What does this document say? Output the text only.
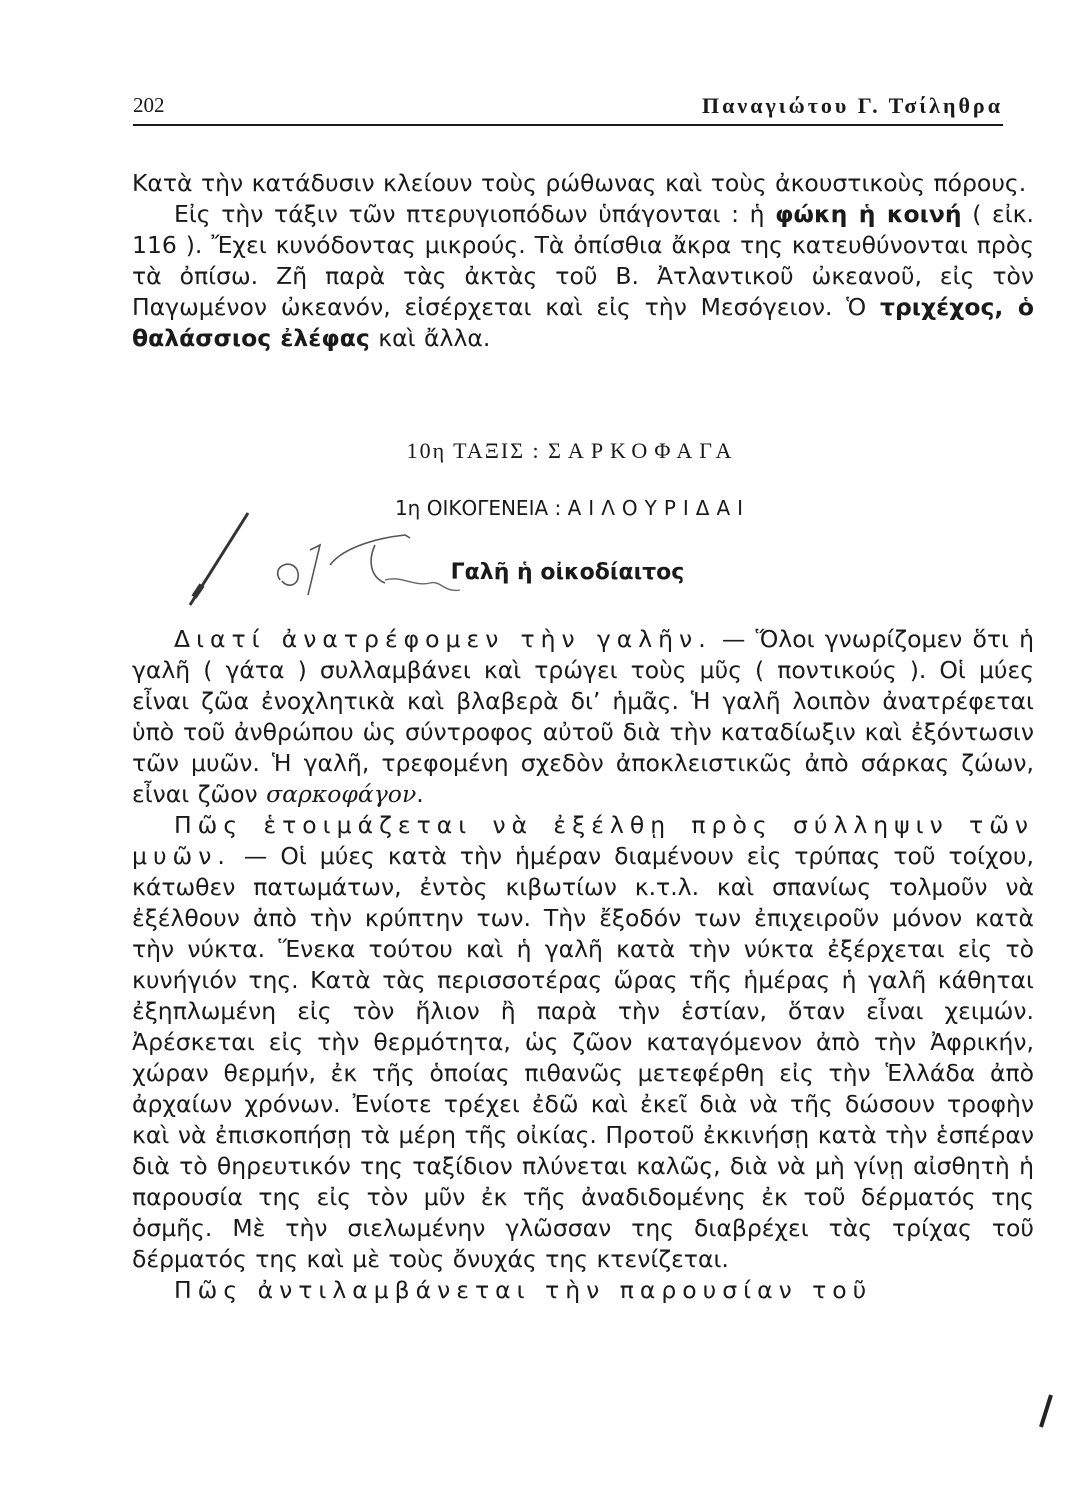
202	Παναγιώτου Γ. Τσίληθρα

Κατὰ τὴν κατάδυσιν κλείουν τοὺς ρώθωνας καὶ τοὺς ἀκουστικοὺς πόρους.

Εἰς τὴν τάξιν τῶν πτερυγιοπόδων ὑπάγονται : ἡ φώκη ἡ κοινή ( εἰκ. 116 ). Ἔχει κυνόδοντας μικρούς. Τὰ ὀπίσθια ἄκρα της κατευθύνονται πρὸς τὰ ὀπίσω. Ζῆ παρὰ τὰς ἀκτὰς τοῦ Β. Ἀτλαντικοῦ ὠκεανοῦ, εἰς τὸν Παγωμένον ὠκεανόν, εἰσέρχεται καὶ εἰς τὴν Μεσόγειον. Ὁ τριχέχος, ὁ θαλάσσιος ἐλέφας καὶ ἄλλα.

10η ΤΑΞΙΣ : ΣΑΡΚΟΦΑΓΑ
1η ΟΙΚΟΓΕΝΕΙΑ : ΑΙΛΟΥΡΙΔΑΙ
Γαλῆ ἡ οἰκοδίαιτος

Διατί ἀνατρέφομεν τὴν γαλῆν. — Ὅλοι γνωρίζομεν ὅτι ἡ γαλῆ ( γάτα ) συλλαμβάνει καὶ τρώγει τοὺς μῦς ( ποντικούς ). Οἱ μύες εἶναι ζῶα ἐνοχλητικὰ καὶ βλαβερὰ δι’ ἡμᾶς. Ἡ γαλῆ λοιπὸν ἀνατρέφεται ὑπὸ τοῦ ἀνθρώπου ὡς σύντροφος αὐτοῦ διὰ τὴν καταδίωξιν καὶ ἐξόντωσιν τῶν μυῶν. Ἡ γαλῆ, τρεφομένη σχεδὸν ἀποκλειστικῶς ἀπὸ σάρκας ζώων, εἶναι ζῶον σαρκοφάγον.

Πῶς ἑτοιμάζεται νὰ ἐξέλθῃ πρὸς σύλληψιν τῶν μυῶν. — Οἱ μύες κατὰ τὴν ἡμέραν διαμένουν εἰς τρύπας τοῦ τοίχου, κάτωθεν πατωμάτων, ἐντὸς κιβωτίων κ.τ.λ. καὶ σπανίως τολμοῦν νὰ ἐξέλθουν ἀπὸ τὴν κρύπτην των. Τὴν ἔξοδόν των ἐπιχειροῦν μόνον κατὰ τὴν νύκτα. Ἕνεκα τούτου καὶ ἡ γαλῆ κατὰ τὴν νύκτα ἐξέρχεται εἰς τὸ κυνήγιόν της. Κατὰ τὰς περισσοτέρας ὥρας τῆς ἡμέρας ἡ γαλῆ κάθηται ἐξηπλωμένη εἰς τὸν ἥλιον ἢ παρὰ τὴν ἑστίαν, ὅταν εἶναι χειμών. Ἀρέσκεται εἰς τὴν θερμότητα, ὡς ζῶον καταγόμενον ἀπὸ τὴν Ἀφρικήν, χώραν θερμήν, ἐκ τῆς ὁποίας πιθανῶς μετεφέρθη εἰς τὴν Ἑλλάδα ἀπὸ ἀρχαίων χρόνων. Ἐνίοτε τρέχει ἐδῶ καὶ ἐκεῖ διὰ νὰ τῆς δώσουν τροφὴν καὶ νὰ ἐπισκοπήσῃ τὰ μέρη τῆς οἰκίας. Προτοῦ ἐκκινήσῃ κατὰ τὴν ἑσπέραν διὰ τὸ θηρευτικόν της ταξίδιον πλύνεται καλῶς, διὰ νὰ μὴ γίνῃ αἰσθητὴ ἡ παρουσία της εἰς τὸν μῦν ἐκ τῆς ἀναδιδομένης ἐκ τοῦ δέρματός της ὀσμῆς. Μὲ τὴν σιελωμένην γλῶσσαν της διαβρέχει τὰς τρίχας τοῦ δέρματός της καὶ μὲ τοὺς ὄνυχάς της κτενίζεται.

Πῶς ἀντιλαμβάνεται τὴν παρουσίαν τοῦ
